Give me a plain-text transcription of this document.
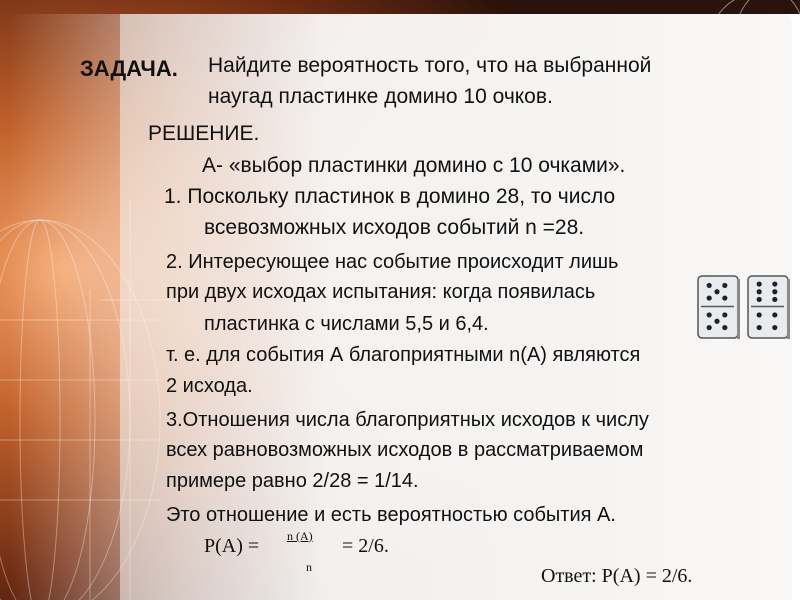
ЗАДАЧА. Найдите вероятность того, что на выбранной
наугад пластинке домино 10 очков.
РЕШЕНИЕ.
А- «выбор пластинки домино с 10 очками».
1. Поскольку пластинок в домино 28, то число
всевозможных исходов событий n =28.
2. Интересующее нас событие происходит лишь
при двух исходах испытания: когда появилась
пластинка с числами 5,5 и 6,4.
т. е. для события А благоприятными n(А) являются
2 исхода.
3.Отношения числа благоприятных исходов к числу
всех равновозможных исходов в рассматриваемом
примере равно 2/28 = 1/14.
Это отношение и есть вероятностью события А.
Р(А) = n (A)
n
= 2/6.
Ответ: Р(А) = 2/6.
